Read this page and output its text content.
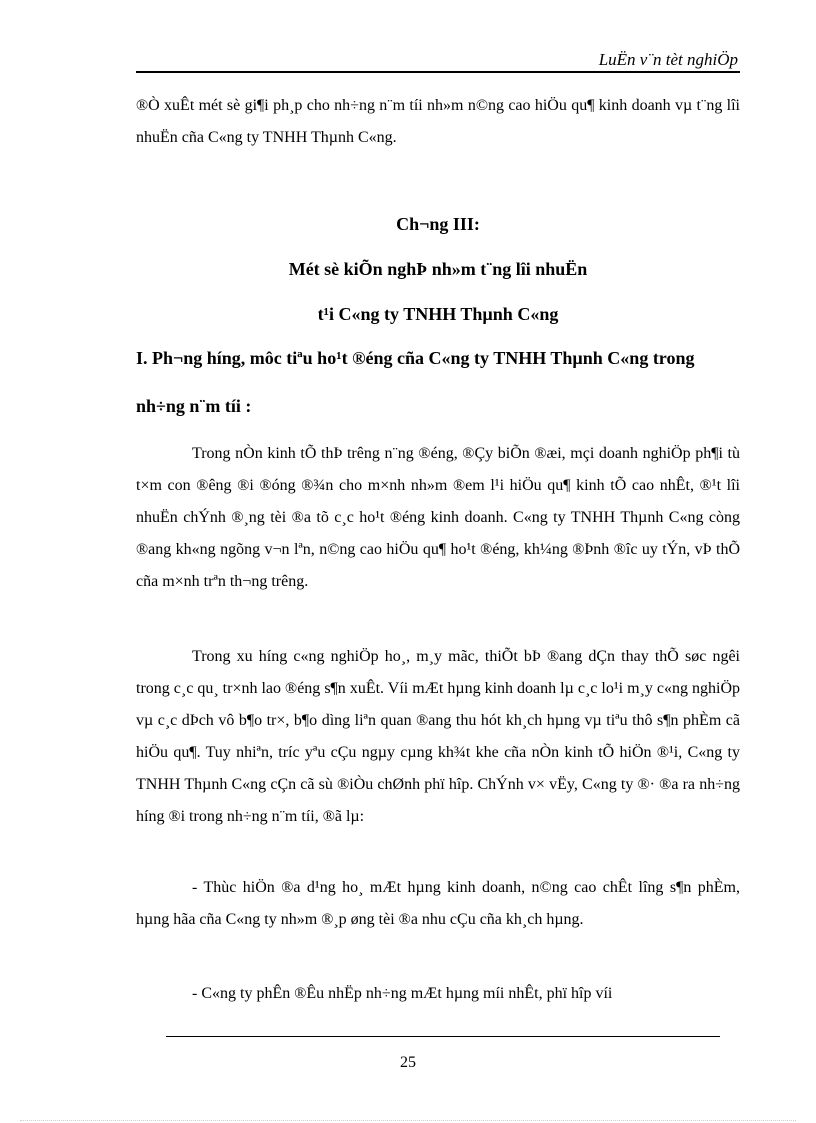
LuËn v¨n tèt nghiÖp

®Ò xuÊt mét sè gi¶i ph¸p cho nh÷ng n¨m tíi nh»m n©ng cao hiÖu qu¶ kinh doanh vµ t¨ng lîi nhuËn cña C«ng ty TNHH Thµnh C«ng.

Ch¬ng III:
Mét sè kiÕn nghÞ nh»m t¨ng lîi nhuËn
t¹i C«ng ty TNHH Thµnh C«ng

I. Ph¬ng híng, môc tiªu ho¹t ®éng cña C«ng ty TNHH Thµnh C«ng trong nh÷ng n¨m tíi :

Trong nÒn kinh tÕ thÞ trêng n¨ng ®éng, ®Çy biÕn ®æi, mçi doanh nghiÖp ph¶i tù t×m con ®êng ®i ®óng ®¾n cho m×nh nh»m ®em l¹i hiÖu qu¶ kinh tÕ cao nhÊt, ®¹t lîi nhuËn chÝnh ®¸ng tèi ®a tõ c¸c ho¹t ®éng kinh doanh. C«ng ty TNHH Thµnh C«ng còng ®ang kh«ng ngõng v¬n lªn, n©ng cao hiÖu qu¶ ho¹t ®éng, kh¼ng ®Þnh ®îc uy tÝn, vÞ thÕ cña m×nh trªn th¬ng trêng.

Trong xu híng c«ng nghiÖp ho¸, m¸y mãc, thiÕt bÞ ®ang dÇn thay thÕ søc ngêi trong c¸c qu¸ tr×nh lao ®éng s¶n xuÊt. Víi mÆt hµng kinh doanh lµ c¸c lo¹i m¸y c«ng nghiÖp vµ c¸c dÞch vô b¶o tr×, b¶o dìng liªn quan ®ang thu hót kh¸ch hµng vµ tiªu thô s¶n phÈm cã hiÖu qu¶. Tuy nhiªn, tríc yªu cÇu ngµy cµng kh¾t khe cña nÒn kinh tÕ hiÖn ®¹i, C«ng ty TNHH Thµnh C«ng cÇn cã sù ®iÒu chØnh phï hîp. ChÝnh v× vËy, C«ng ty ®· ®a ra nh÷ng híng ®i trong nh÷ng n¨m tíi, ®ã lµ:

- Thùc hiÖn ®a d¹ng ho¸ mÆt hµng kinh doanh, n©ng cao chÊt lîng s¶n phÈm, hµng hãa cña C«ng ty nh»m ®¸p øng tèi ®a nhu cÇu cña kh¸ch hµng.

- C«ng ty phÊn ®Êu nhËp nh÷ng mÆt hµng míi nhÊt, phï hîp víi

25
